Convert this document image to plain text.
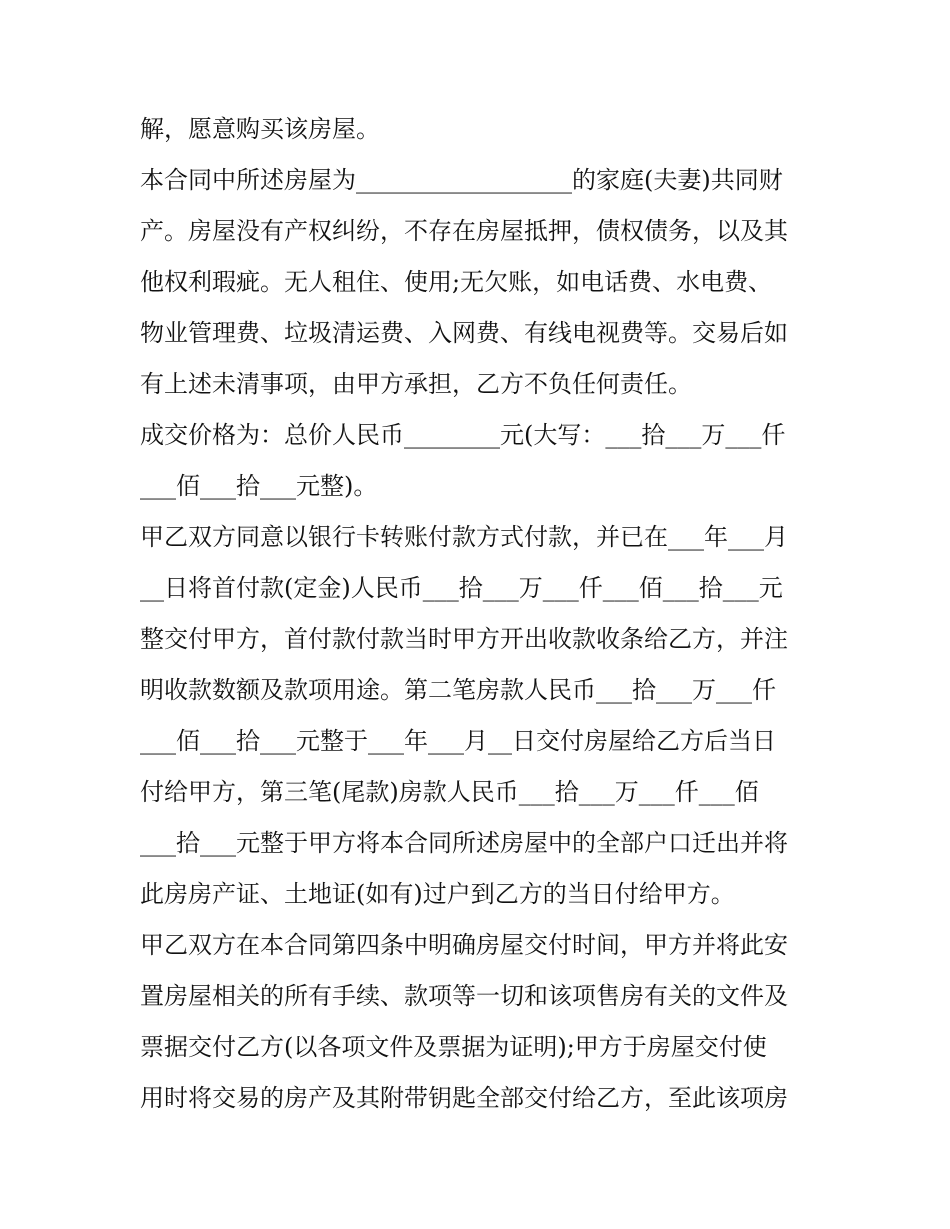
解，愿意购买该房屋。
本合同中所述房屋为__________________的家庭(夫妻)共同财
产。房屋没有产权纠纷，不存在房屋抵押，债权债务，以及其
他权利瑕疵。无人租住、使用;无欠账，如电话费、水电费、
物业管理费、垃圾清运费、入网费、有线电视费等。交易后如
有上述未清事项，由甲方承担，乙方不负任何责任。
成交价格为：总价人民币________元(大写：___拾___万___仟
___佰___拾___元整)。
甲乙双方同意以银行卡转账付款方式付款，并已在___年___月
__日将首付款(定金)人民币___拾___万___仟___佰___拾___元
整交付甲方，首付款付款当时甲方开出收款收条给乙方，并注
明收款数额及款项用途。第二笔房款人民币___拾___万___仟
___佰___拾___元整于___年___月__日交付房屋给乙方后当日
付给甲方，第三笔(尾款)房款人民币___拾___万___仟___佰
___拾___元整于甲方将本合同所述房屋中的全部户口迁出并将
此房房产证、土地证(如有)过户到乙方的当日付给甲方。
甲乙双方在本合同第四条中明确房屋交付时间，甲方并将此安
置房屋相关的所有手续、款项等一切和该项售房有关的文件及
票据交付乙方(以各项文件及票据为证明);甲方于房屋交付使
用时将交易的房产及其附带钥匙全部交付给乙方，至此该项房
